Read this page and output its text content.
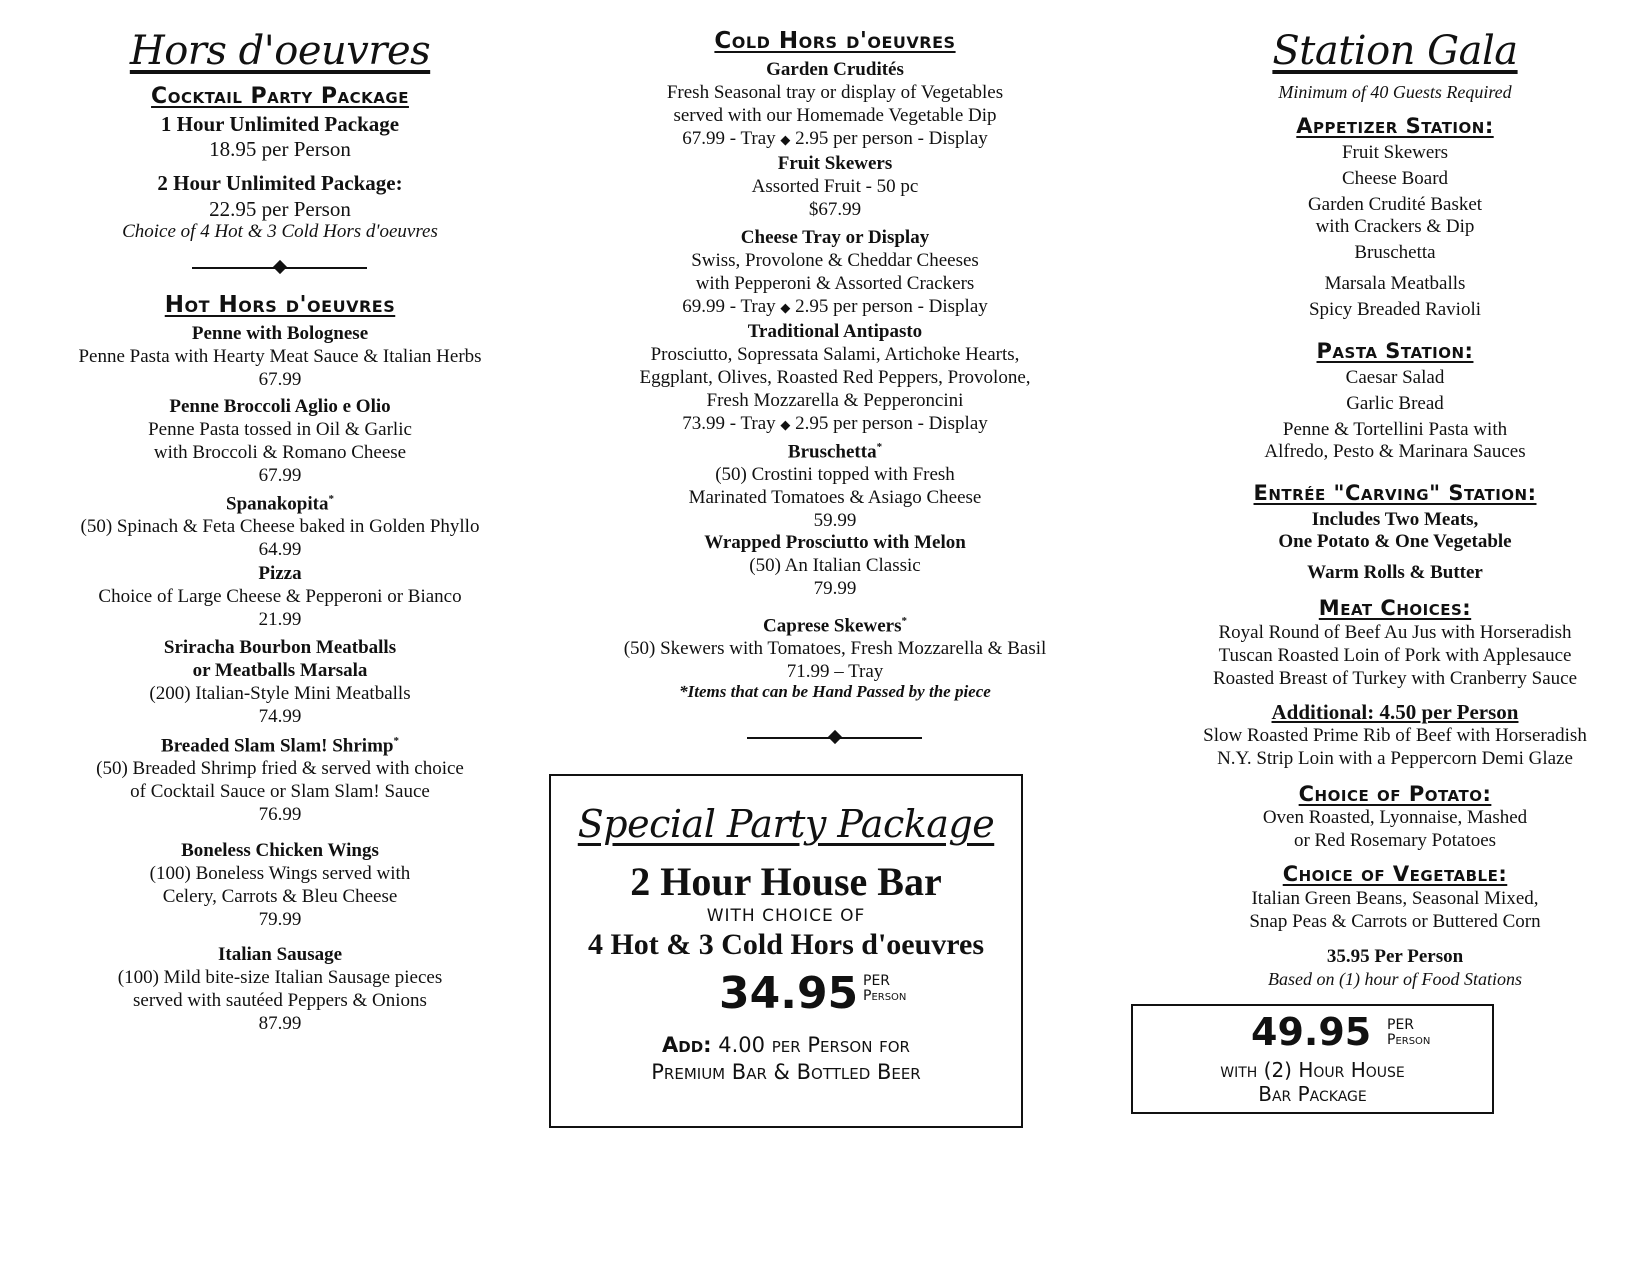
Hors d'oeuvres
Cocktail Party Package
1 Hour Unlimited Package
18.95 per Person
2 Hour Unlimited Package:
22.95 per Person
Choice of 4 Hot & 3 Cold Hors d'oeuvres
Hot Hors d'oeuvres
Penne with Bolognese
Penne Pasta with Hearty Meat Sauce & Italian Herbs
67.99
Penne Broccoli Aglio e Olio
Penne Pasta tossed in Oil & Garlic
with Broccoli & Romano Cheese
67.99
Spanakopita*
(50) Spinach & Feta Cheese baked in Golden Phyllo
64.99
Pizza
Choice of Large Cheese & Pepperoni or Bianco
21.99
Sriracha Bourbon Meatballs
or Meatballs Marsala
(200) Italian-Style Mini Meatballs
74.99
Breaded Slam Slam! Shrimp*
(50) Breaded Shrimp fried & served with choice
of Cocktail Sauce or Slam Slam! Sauce
76.99
Boneless Chicken Wings
(100) Boneless Wings served with
Celery, Carrots & Bleu Cheese
79.99
Italian Sausage
(100) Mild bite-size Italian Sausage pieces
served with sautéed Peppers & Onions
87.99
Cold Hors d'oeuvres
Garden Crudités
Fresh Seasonal tray or display of Vegetables
served with our Homemade Vegetable Dip
67.99 - Tray ◆ 2.95 per person - Display
Fruit Skewers
Assorted Fruit - 50 pc
$67.99
Cheese Tray or Display
Swiss, Provolone & Cheddar Cheeses
with Pepperoni & Assorted Crackers
69.99 - Tray ◆ 2.95 per person - Display
Traditional Antipasto
Prosciutto, Sopressata Salami, Artichoke Hearts,
Eggplant, Olives, Roasted Red Peppers, Provolone,
Fresh Mozzarella & Pepperoncini
73.99 - Tray ◆ 2.95 per person - Display
Bruschetta*
(50) Crostini topped with Fresh
Marinated Tomatoes & Asiago Cheese
59.99
Wrapped Prosciutto with Melon
(50) An Italian Classic
79.99
Caprese Skewers*
(50) Skewers with Tomatoes, Fresh Mozzarella & Basil
71.99 – Tray
*Items that can be Hand Passed by the piece
Special Party Package
2 Hour House Bar
WITH CHOICE OF
4 Hot & 3 Cold Hors d'oeuvres
34.95 PER
Person
Add: 4.00 per Person for
Premium Bar & Bottled Beer
Station Gala
Minimum of 40 Guests Required
Appetizer Station:
Fruit Skewers
Cheese Board
Garden Crudité Basket
with Crackers & Dip
Bruschetta
Marsala Meatballs
Spicy Breaded Ravioli
Pasta Station:
Caesar Salad
Garlic Bread
Penne & Tortellini Pasta with
Alfredo, Pesto & Marinara Sauces
Entrée "Carving" Station:
Includes Two Meats,
One Potato & One Vegetable
Warm Rolls & Butter
Meat Choices:
Royal Round of Beef Au Jus with Horseradish
Tuscan Roasted Loin of Pork with Applesauce
Roasted Breast of Turkey with Cranberry Sauce
Additional: 4.50 per Person
Slow Roasted Prime Rib of Beef with Horseradish
N.Y. Strip Loin with a Peppercorn Demi Glaze
Choice of Potato:
Oven Roasted, Lyonnaise, Mashed
or Red Rosemary Potatoes
Choice of Vegetable:
Italian Green Beans, Seasonal Mixed,
Snap Peas & Carrots or Buttered Corn
35.95 Per Person
Based on (1) hour of Food Stations
49.95 PER
Person
with (2) Hour House
Bar Package
